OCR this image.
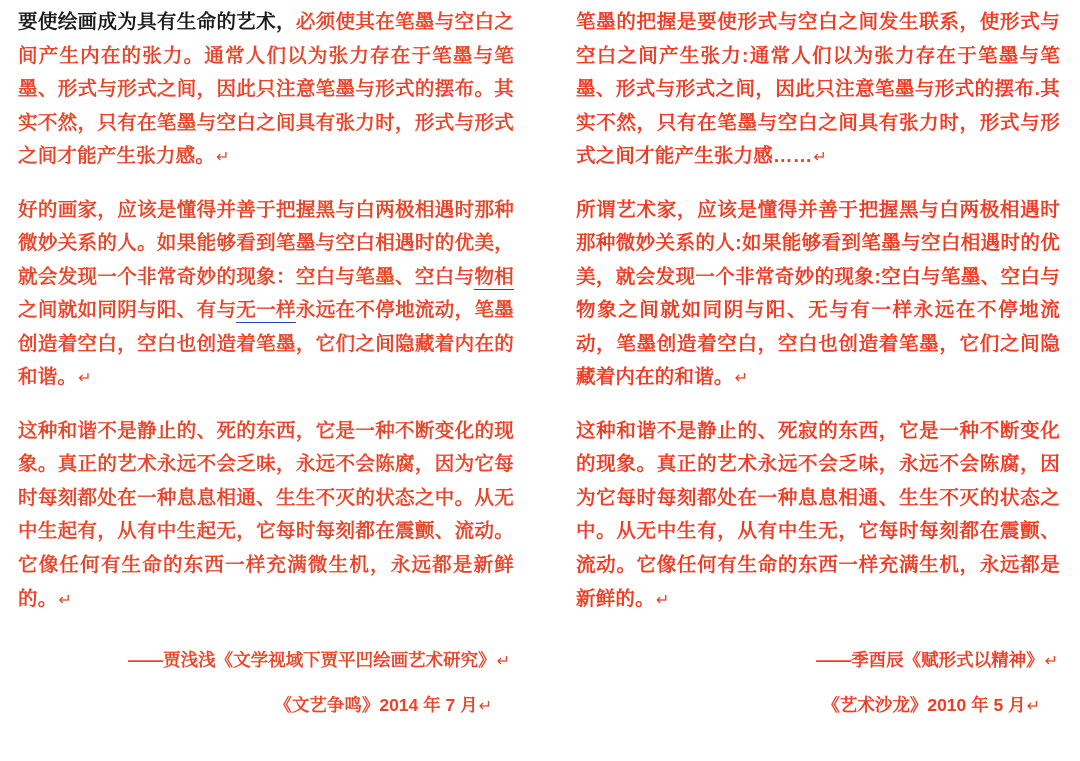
要使绘画成为具有生命的艺术，必须使其在笔墨与空白之间产生内在的张力。通常人们以为张力存在于笔墨与笔墨、形式与形式之间，因此只注意笔墨与形式的摆布。其实不然，只有在笔墨与空白之间具有张力时，形式与形式之间才能产生张力感。↵

好的画家，应该是懂得并善于把握黑与白两极相遇时那种微妙关系的人。如果能够看到笔墨与空白相遇时的优美，就会发现一个非常奇妙的现象：空白与笔墨、空白与物相之间就如同阴与阳、有与无一样永远在不停地流动，笔墨创造着空白，空白也创造着笔墨，它们之间隐藏着内在的和谐。↵

这种和谐不是静止的、死的东西，它是一种不断变化的现象。真正的艺术永远不会乏味，永远不会陈腐，因为它每时每刻都处在一种息息相通、生生不灭的状态之中。从无中生起有，从有中生起无，它每时每刻都在震颤、流动。它像任何有生命的东西一样充满微生机，永远都是新鲜的。↵

——贾浅浅《文学视域下贾平凹绘画艺术研究》↵

《文艺争鸣》2014 年 7 月↵

笔墨的把握是要使形式与空白之间发生联系，使形式与空白之间产生张力:通常人们以为张力存在于笔墨与笔墨、形式与形式之间，因此只注意笔墨与形式的摆布.其实不然，只有在笔墨与空白之间具有张力时，形式与形式之间才能产生张力感……↵

所谓艺术家，应该是懂得并善于把握黑与白两极相遇时那种微妙关系的人:如果能够看到笔墨与空白相遇时的优美，就会发现一个非常奇妙的现象:空白与笔墨、空白与物象之间就如同阴与阳、无与有一样永远在不停地流动，笔墨创造着空白，空白也创造着笔墨，它们之间隐藏着内在的和谐。↵

这种和谐不是静止的、死寂的东西，它是一种不断变化的现象。真正的艺术永远不会乏味，永远不会陈腐，因为它每时每刻都处在一种息息相通、生生不灭的状态之中。从无中生有，从有中生无，它每时每刻都在震颤、流动。它像任何有生命的东西一样充满生机，永远都是新鲜的。↵

——季酉辰《赋形式以精神》↵

《艺术沙龙》2010 年 5 月↵
